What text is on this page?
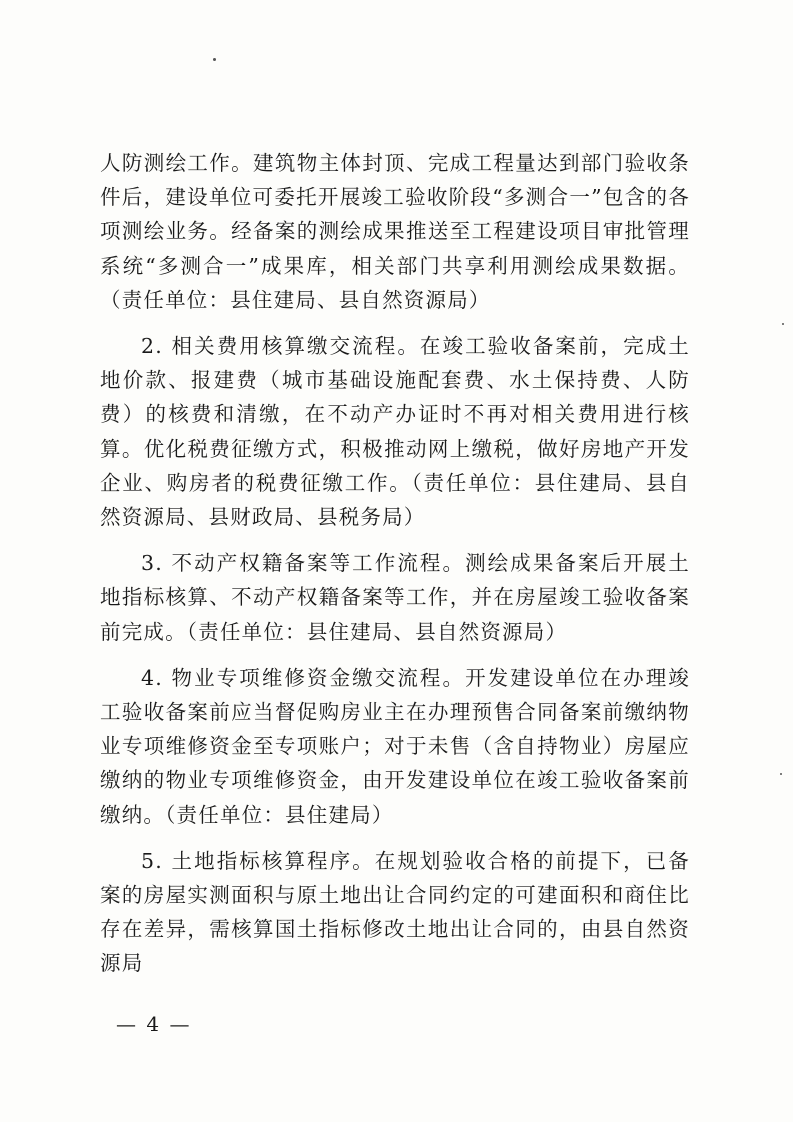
人防测绘工作。建筑物主体封顶、完成工程量达到部门验收条件后，建设单位可委托开展竣工验收阶段“多测合一”包含的各项测绘业务。经备案的测绘成果推送至工程建设项目审批管理系统“多测合一”成果库，相关部门共享利用测绘成果数据。（责任单位：县住建局、县自然资源局）

2. 相关费用核算缴交流程。在竣工验收备案前，完成土地价款、报建费（城市基础设施配套费、水土保持费、人防费）的核费和清缴，在不动产办证时不再对相关费用进行核算。优化税费征缴方式，积极推动网上缴税，做好房地产开发企业、购房者的税费征缴工作。（责任单位：县住建局、县自然资源局、县财政局、县税务局）

3. 不动产权籍备案等工作流程。测绘成果备案后开展土地指标核算、不动产权籍备案等工作，并在房屋竣工验收备案前完成。（责任单位：县住建局、县自然资源局）

4. 物业专项维修资金缴交流程。开发建设单位在办理竣工验收备案前应当督促购房业主在办理预售合同备案前缴纳物业专项维修资金至专项账户；对于未售（含自持物业）房屋应缴纳的物业专项维修资金，由开发建设单位在竣工验收备案前缴纳。（责任单位：县住建局）

5. 土地指标核算程序。在规划验收合格的前提下，已备案的房屋实测面积与原土地出让合同约定的可建面积和商住比存在差异，需核算国土指标修改土地出让合同的，由县自然资源局

— 4 —
